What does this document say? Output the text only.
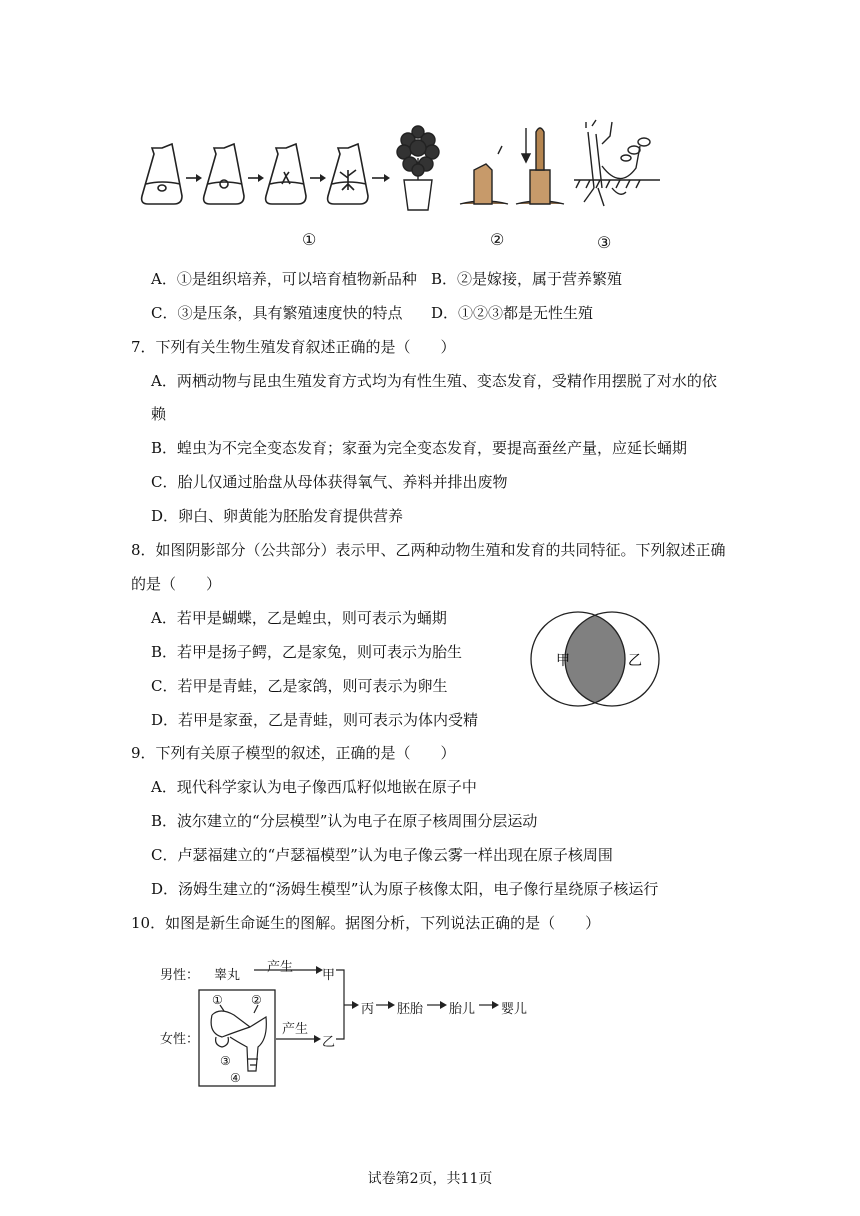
①	②	③
A．①是组织培养，可以培育植物新品种 B．②是嫁接，属于营养繁殖
C．③是压条，具有繁殖速度快的特点 D．①②③都是无性生殖
7．下列有关生物生殖发育叙述正确的是（　　）
A．两栖动物与昆虫生殖发育方式均为有性生殖、变态发育，受精作用摆脱了对水的依
赖
B．蝗虫为不完全变态发育；家蚕为完全变态发育，要提高蚕丝产量，应延长蛹期
C．胎儿仅通过胎盘从母体获得氧气、养料并排出废物
D．卵白、卵黄能为胚胎发育提供营养
8．如图阴影部分（公共部分）表示甲、乙两种动物生殖和发育的共同特征。下列叙述正确
的是（　　）
A．若甲是蝴蝶，乙是蝗虫，则可表示为蛹期
B．若甲是扬子鳄，乙是家兔，则可表示为胎生
C．若甲是青蛙，乙是家鸽，则可表示为卵生
D．若甲是家蚕，乙是青蛙，则可表示为体内受精
甲	乙
9．下列有关原子模型的叙述，正确的是（　　）
A．现代科学家认为电子像西瓜籽似地嵌在原子中
B．波尔建立的“分层模型”认为电子在原子核周围分层运动
C．卢瑟福建立的“卢瑟福模型”认为电子像云雾一样出现在原子核周围
D．汤姆生建立的“汤姆生模型”认为原子核像太阳，电子像行星绕原子核运行
10．如图是新生命诞生的图解。据图分析，下列说法正确的是（　　）
男性： 睾丸
产生
甲
女性：
产生
乙
丙 胚胎 胎儿 婴儿
① ②
③
④
试卷第2页，共11页
